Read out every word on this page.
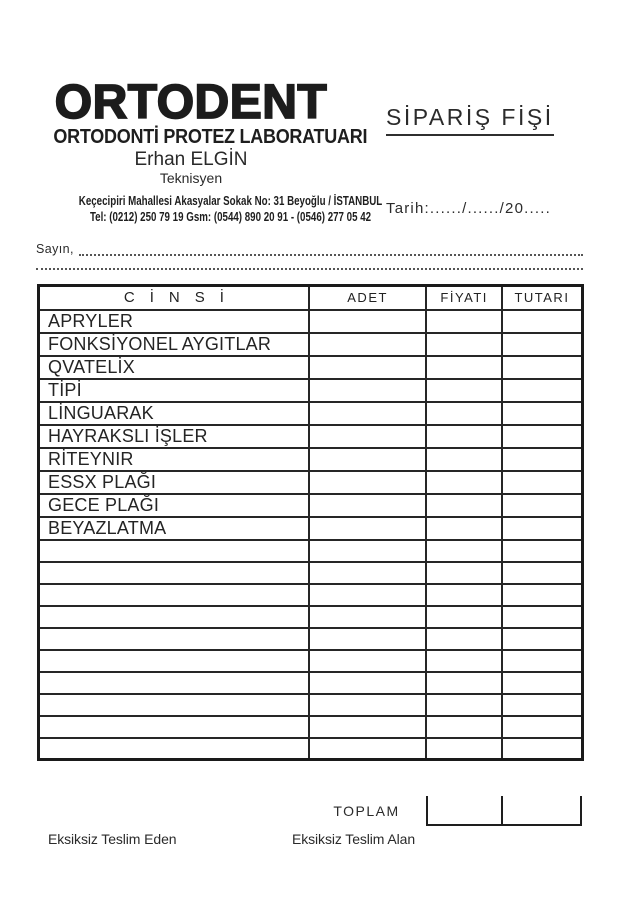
ORTODENT
ORTODONTİ PROTEZ LABORATUARI
Erhan ELGİN
Teknisyen
Keçecipiri Mahallesi Akasyalar Sokak No: 31 Beyoğlu / İSTANBUL
Tel: (0212) 250 79 19 Gsm: (0544) 890 20 91 - (0546) 277 05 42
SİPARİŞ FİŞİ
Tarih:....../....../20.....
Sayın,
CİNSİ	ADET	FİYATI	TUTARI
APRYLER			
FONKSİYONEL AYGITLAR			
QVATELİX			
TİPİ			
LİNGUARAK			
HAYRAKSLI İŞLER			
RİTEYNIR			
ESSX PLAĞI			
GECE PLAĞI			
BEYAZLATMA			

TOPLAM
Eksiksiz Teslim Eden	Eksiksiz Teslim Alan
